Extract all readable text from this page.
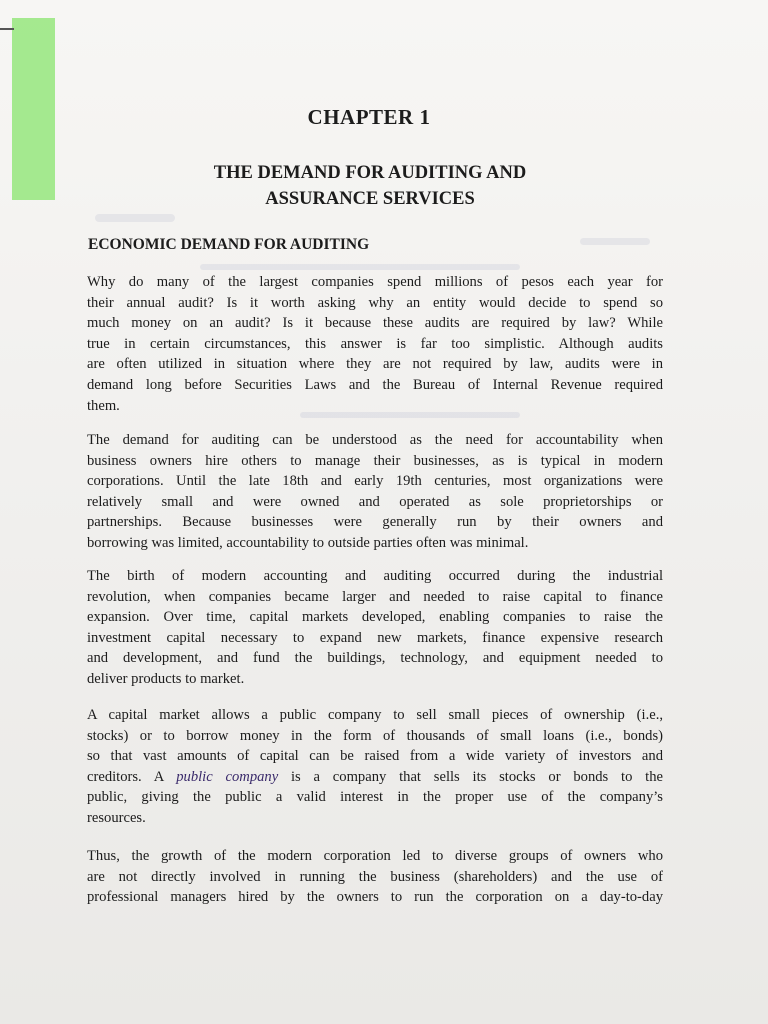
CHAPTER 1
THE DEMAND FOR AUDITING AND
ASSURANCE SERVICES
ECONOMIC DEMAND FOR AUDITING
Why do many of the largest companies spend millions of pesos each year for
their annual audit? Is it worth asking why an entity would decide to spend so
much money on an audit? Is it because these audits are required by law? While
true in certain circumstances, this answer is far too simplistic. Although audits
are often utilized in situation where they are not required by law, audits were in
demand long before Securities Laws and the Bureau of Internal Revenue required
them.
The demand for auditing can be understood as the need for accountability when
business owners hire others to manage their businesses, as is typical in modern
corporations. Until the late 18th and early 19th centuries, most organizations were
relatively small and were owned and operated as sole proprietorships or
partnerships. Because businesses were generally run by their owners and
borrowing was limited, accountability to outside parties often was minimal.
The birth of modern accounting and auditing occurred during the industrial
revolution, when companies became larger and needed to raise capital to finance
expansion. Over time, capital markets developed, enabling companies to raise the
investment capital necessary to expand new markets, finance expensive research
and development, and fund the buildings, technology, and equipment needed to
deliver products to market.
A capital market allows a public company to sell small pieces of ownership (i.e.,
stocks) or to borrow money in the form of thousands of small loans (i.e., bonds)
so that vast amounts of capital can be raised from a wide variety of investors and
creditors. A public company is a company that sells its stocks or bonds to the
public, giving the public a valid interest in the proper use of the company’s
resources.
Thus, the growth of the modern corporation led to diverse groups of owners who
are not directly involved in running the business (shareholders) and the use of
professional managers hired by the owners to run the corporation on a day-to-day
